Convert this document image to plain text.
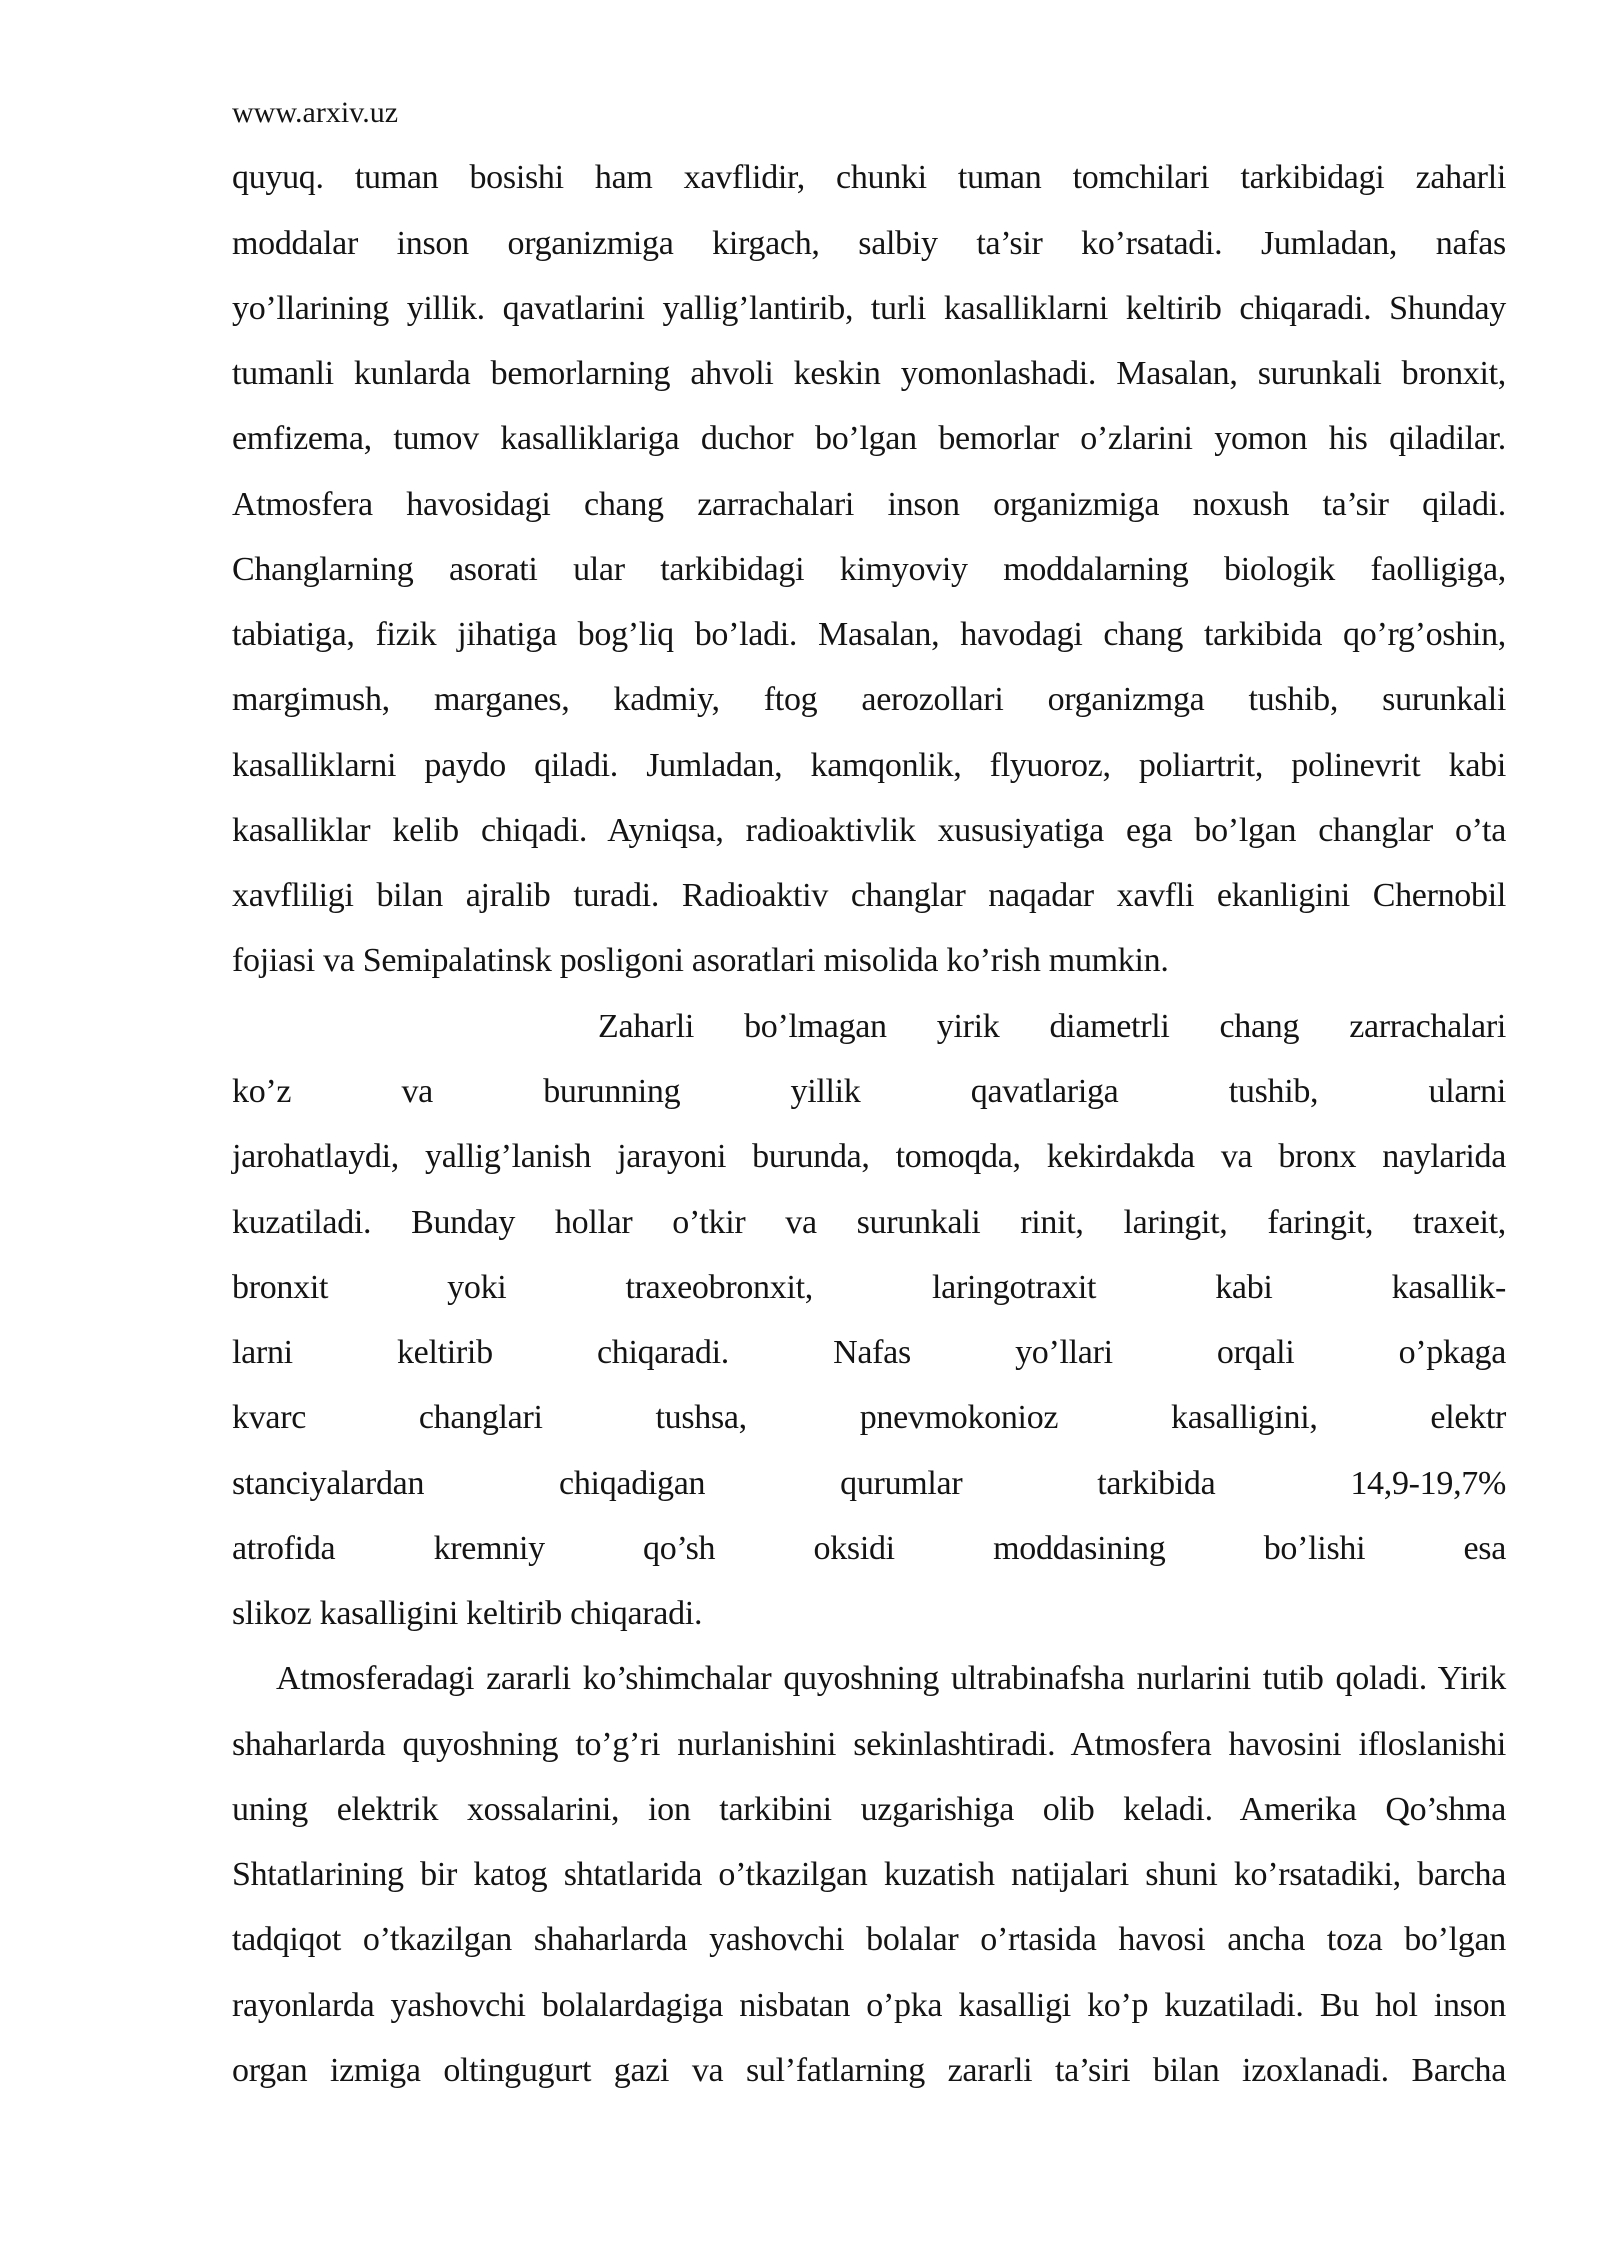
www.arxiv.uz
quyuq. tuman bosishi ham xavflidir, chunki tuman tomchilari tarkibidagi zaharli
moddalar inson organizmiga kirgach, salbiy ta’sir ko’rsatadi. Jumladan, nafas
yo’llarining yillik. qavatlarini yallig’lantirib, turli kasalliklarni keltirib chiqaradi. Shunday
tumanli kunlarda bemorlarning ahvoli keskin yomonlashadi. Masalan, surunkali bronxit,
emfizema, tumov kasalliklariga duchor bo’lgan bemorlar o’zlarini yomon his qiladilar.
Atmosfera havosidagi chang zarrachalari inson organizmiga noxush ta’sir qiladi.
Changlarning asorati ular tarkibidagi kimyoviy moddalarning biologik faolligiga,
tabiatiga, fizik jihatiga bog’liq bo’ladi. Masalan, havodagi chang tarkibida qo’rg’oshin,
margimush, marganes, kadmiy, ftog aerozollari organizmga tushib, surunkali
kasalliklarni paydo qiladi. Jumladan, kamqonlik, flyuoroz, poliartrit, polinevrit kabi
kasalliklar kelib chiqadi. Ayniqsa, radioaktivlik xususiyatiga ega bo’lgan changlar o’ta
xavfliligi bilan ajralib turadi. Radioaktiv changlar naqadar xavfli ekanligini Chernobil
fojiasi va Semipalatinsk posligoni asoratlari misolida ko’rish mumkin.
Zaharli bo’lmagan yirik diametrli chang zarrachalari
ko’z va burunning yillik qavatlariga tushib, ularni
jarohatlaydi, yallig’lanish jarayoni burunda, tomoqda, kekirdakda va bronx naylarida
kuzatiladi. Bunday hollar o’tkir va surunkali rinit, laringit, faringit, traxeit,
bronxit yoki traxeobronxit, laringotraxit kabi kasallik-
larni keltirib chiqaradi. Nafas yo’llari orqali o’pkaga
kvarc changlari tushsa, pnevmokonioz kasalligini, elektr
stanciyalardan chiqadigan qurumlar tarkibida 14,9-19,7%
atrofida kremniy qo’sh oksidi moddasining bo’lishi esa
slikoz kasalligini keltirib chiqaradi.
Atmosferadagi zararli ko’shimchalar quyoshning ultrabinafsha nurlarini tutib qoladi. Yirik
shaharlarda quyoshning to’g’ri nurlanishini sekinlashtiradi. Atmosfera havosini ifloslanishi
uning elektrik xossalarini, ion tarkibini uzgarishiga olib keladi. Amerika Qo’shma
Shtatlarining bir katog shtatlarida o’tkazilgan kuzatish natijalari shuni ko’rsatadiki, barcha
tadqiqot o’tkazilgan shaharlarda yashovchi bolalar o’rtasida havosi ancha toza bo’lgan
rayonlarda yashovchi bolalardagiga nisbatan o’pka kasalligi ko’p kuzatiladi. Bu hol inson
organ izmiga oltingugurt gazi va sul’fatlarning zararli ta’siri bilan izoxlanadi. Barcha
